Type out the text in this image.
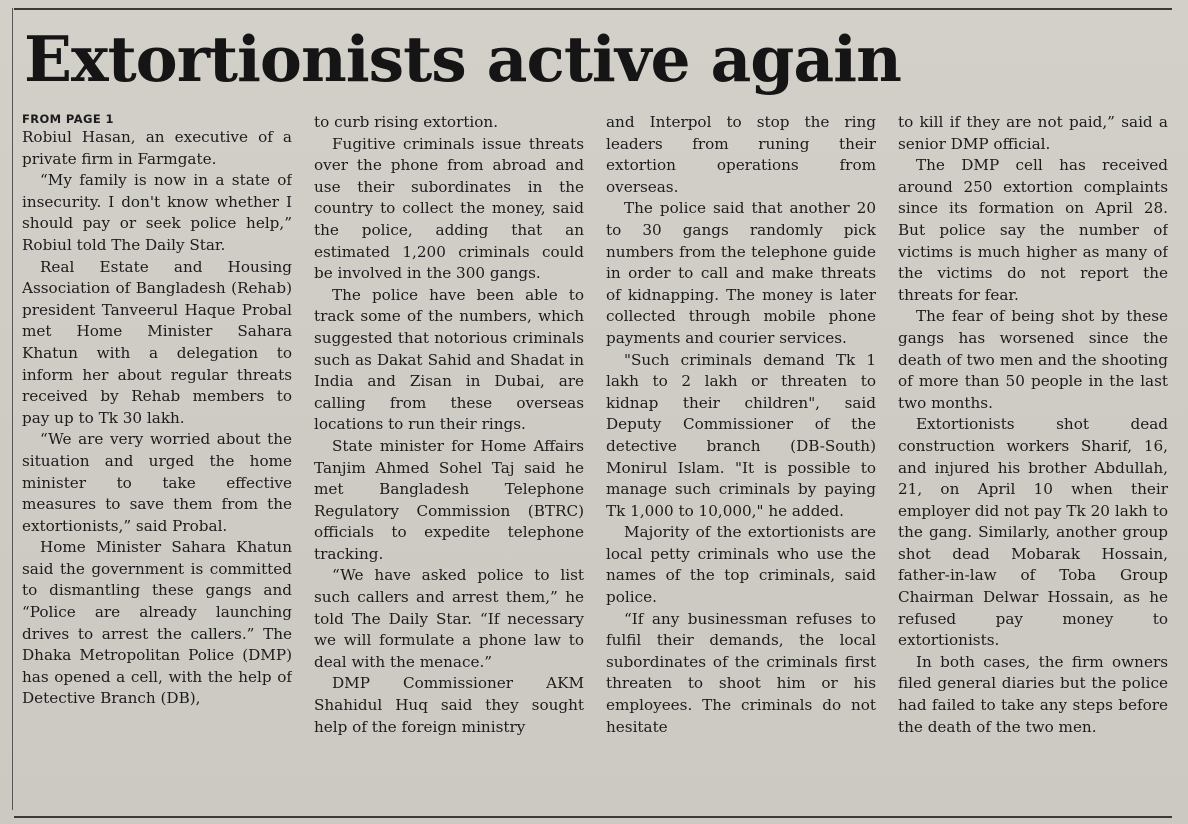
Extortionists active again
FROM PAGE 1

Robiul Hasan, an executive of a private firm in Farmgate.

“My family is now in a state of insecurity. I don't know whether I should pay or seek police help,” Robiul told The Daily Star.

Real Estate and Housing Association of Bangladesh (Rehab) president Tanveerul Haque Probal met Home Minister Sahara Khatun with a delegation to inform her about regular threats received by Rehab members to pay up to Tk 30 lakh.

“We are very worried about the situation and urged the home minister to take effective measures to save them from the extortionists,” said Probal.

Home Minister Sahara Khatun said the government is committed to dismantling these gangs and “Police are already launching drives to arrest the callers.” The Dhaka Metropolitan Police (DMP) has opened a cell, with the help of Detective Branch (DB),

to curb rising extortion.

Fugitive criminals issue threats over the phone from abroad and use their subordinates in the country to collect the money, said the police, adding that an estimated 1,200 criminals could be involved in the 300 gangs.

The police have been able to track some of the numbers, which suggested that notorious criminals such as Dakat Sahid and Shadat in India and Zisan in Dubai, are calling from these overseas locations to run their rings.

State minister for Home Affairs Tanjim Ahmed Sohel Taj said he met Bangladesh Telephone Regulatory Commission (BTRC) officials to expedite telephone tracking.

“We have asked police to list such callers and arrest them,” he told The Daily Star. “If necessary we will formulate a phone law to deal with the menace.”

DMP Commissioner AKM Shahidul Huq said they sought help of the foreign ministry

and Interpol to stop the ring leaders from runing their extortion operations from overseas.

The police said that another 20 to 30 gangs randomly pick numbers from the telephone guide in order to call and make threats of kidnapping. The money is later collected through mobile phone payments and courier services.

"Such criminals demand Tk 1 lakh to 2 lakh or threaten to kidnap their children", said Deputy Commissioner of the detective branch (DB-South) Monirul Islam. "It is possible to manage such criminals by paying Tk 1,000 to 10,000," he added.

Majority of the extortionists are local petty criminals who use the names of the top criminals, said police.

“If any businessman refuses to fulfil their demands, the local subordinates of the criminals first threaten to shoot him or his employees. The criminals do not hesitate

to kill if they are not paid,” said a senior DMP official.

The DMP cell has received around 250 extortion complaints since its formation on April 28. But police say the number of victims is much higher as many of the victims do not report the threats for fear.

The fear of being shot by these gangs has worsened since the death of two men and the shooting of more than 50 people in the last two months.

Extortionists shot dead construction workers Sharif, 16, and injured his brother Abdullah, 21, on April 10 when their employer did not pay Tk 20 lakh to the gang. Similarly, another group shot dead Mobarak Hossain, father-in-law of Toba Group Chairman Delwar Hossain, as he refused pay money to extortionists.

In both cases, the firm owners filed general diaries but the police had failed to take any steps before the death of the two men.
